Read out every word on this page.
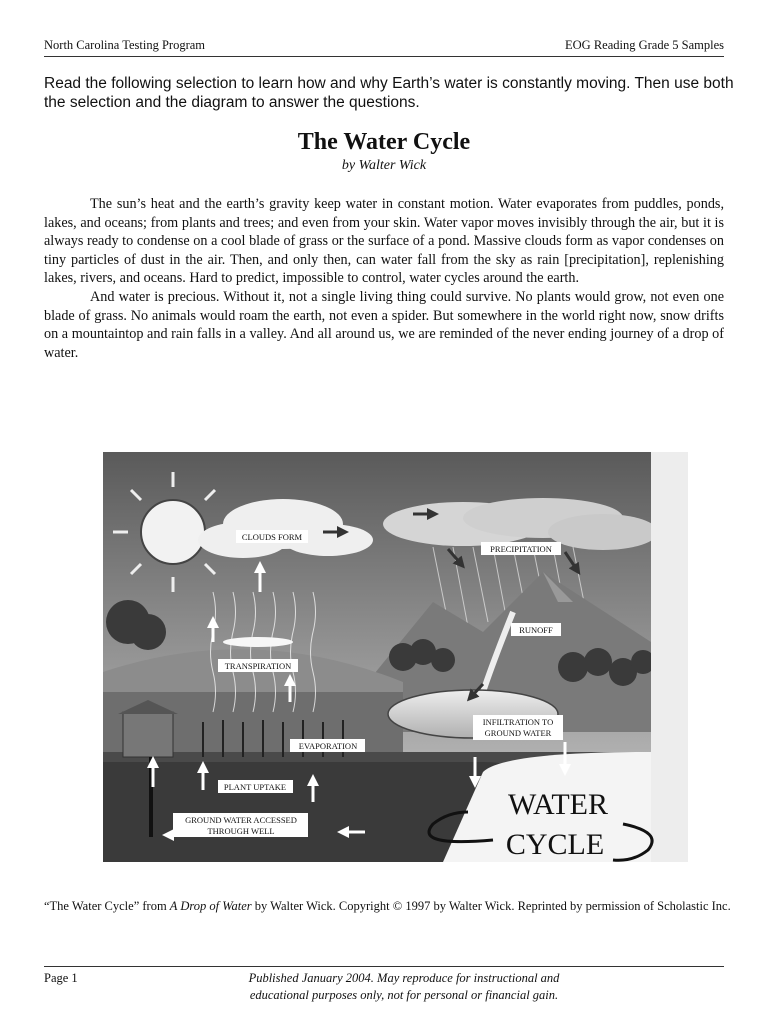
North Carolina Testing Program	EOG Reading Grade 5 Samples
Read the following selection to learn how and why Earth’s water is constantly moving. Then use both the selection and the diagram to answer the questions.
The Water Cycle
by Walter Wick

The sun’s heat and the earth’s gravity keep water in constant motion. Water evaporates from puddles, ponds, lakes, and oceans; from plants and trees; and even from your skin. Water vapor moves invisibly through the air, but it is always ready to condense on a cool blade of grass or the surface of a pond. Massive clouds form as vapor condenses on tiny particles of dust in the air. Then, and only then, can water fall from the sky as rain [precipitation], replenishing lakes, rivers, and oceans. Hard to predict, impossible to control, water cycles around the earth.

And water is precious. Without it, not a single living thing could survive. No plants would grow, not even one blade of grass. No animals would roam the earth, not even a spider. But somewhere in the world right now, snow drifts on a mountaintop and rain falls in a valley. And all around us, we are reminded of the never ending journey of a drop of water.

CLOUDS FORM
PRECIPITATION
RUNOFF
TRANSPIRATION
INFILTRATION TO
GROUND WATER
EVAPORATION
PLANT UPTAKE
GROUND WATER ACCESSED
THROUGH WELL
WATER
CYCLE
“The Water Cycle” from A Drop of Water by Walter Wick. Copyright © 1997 by Walter Wick. Reprinted by permission of Scholastic Inc.
Page 1	Published January 2004. May reproduce for instructional and
educational purposes only, not for personal or financial gain.
